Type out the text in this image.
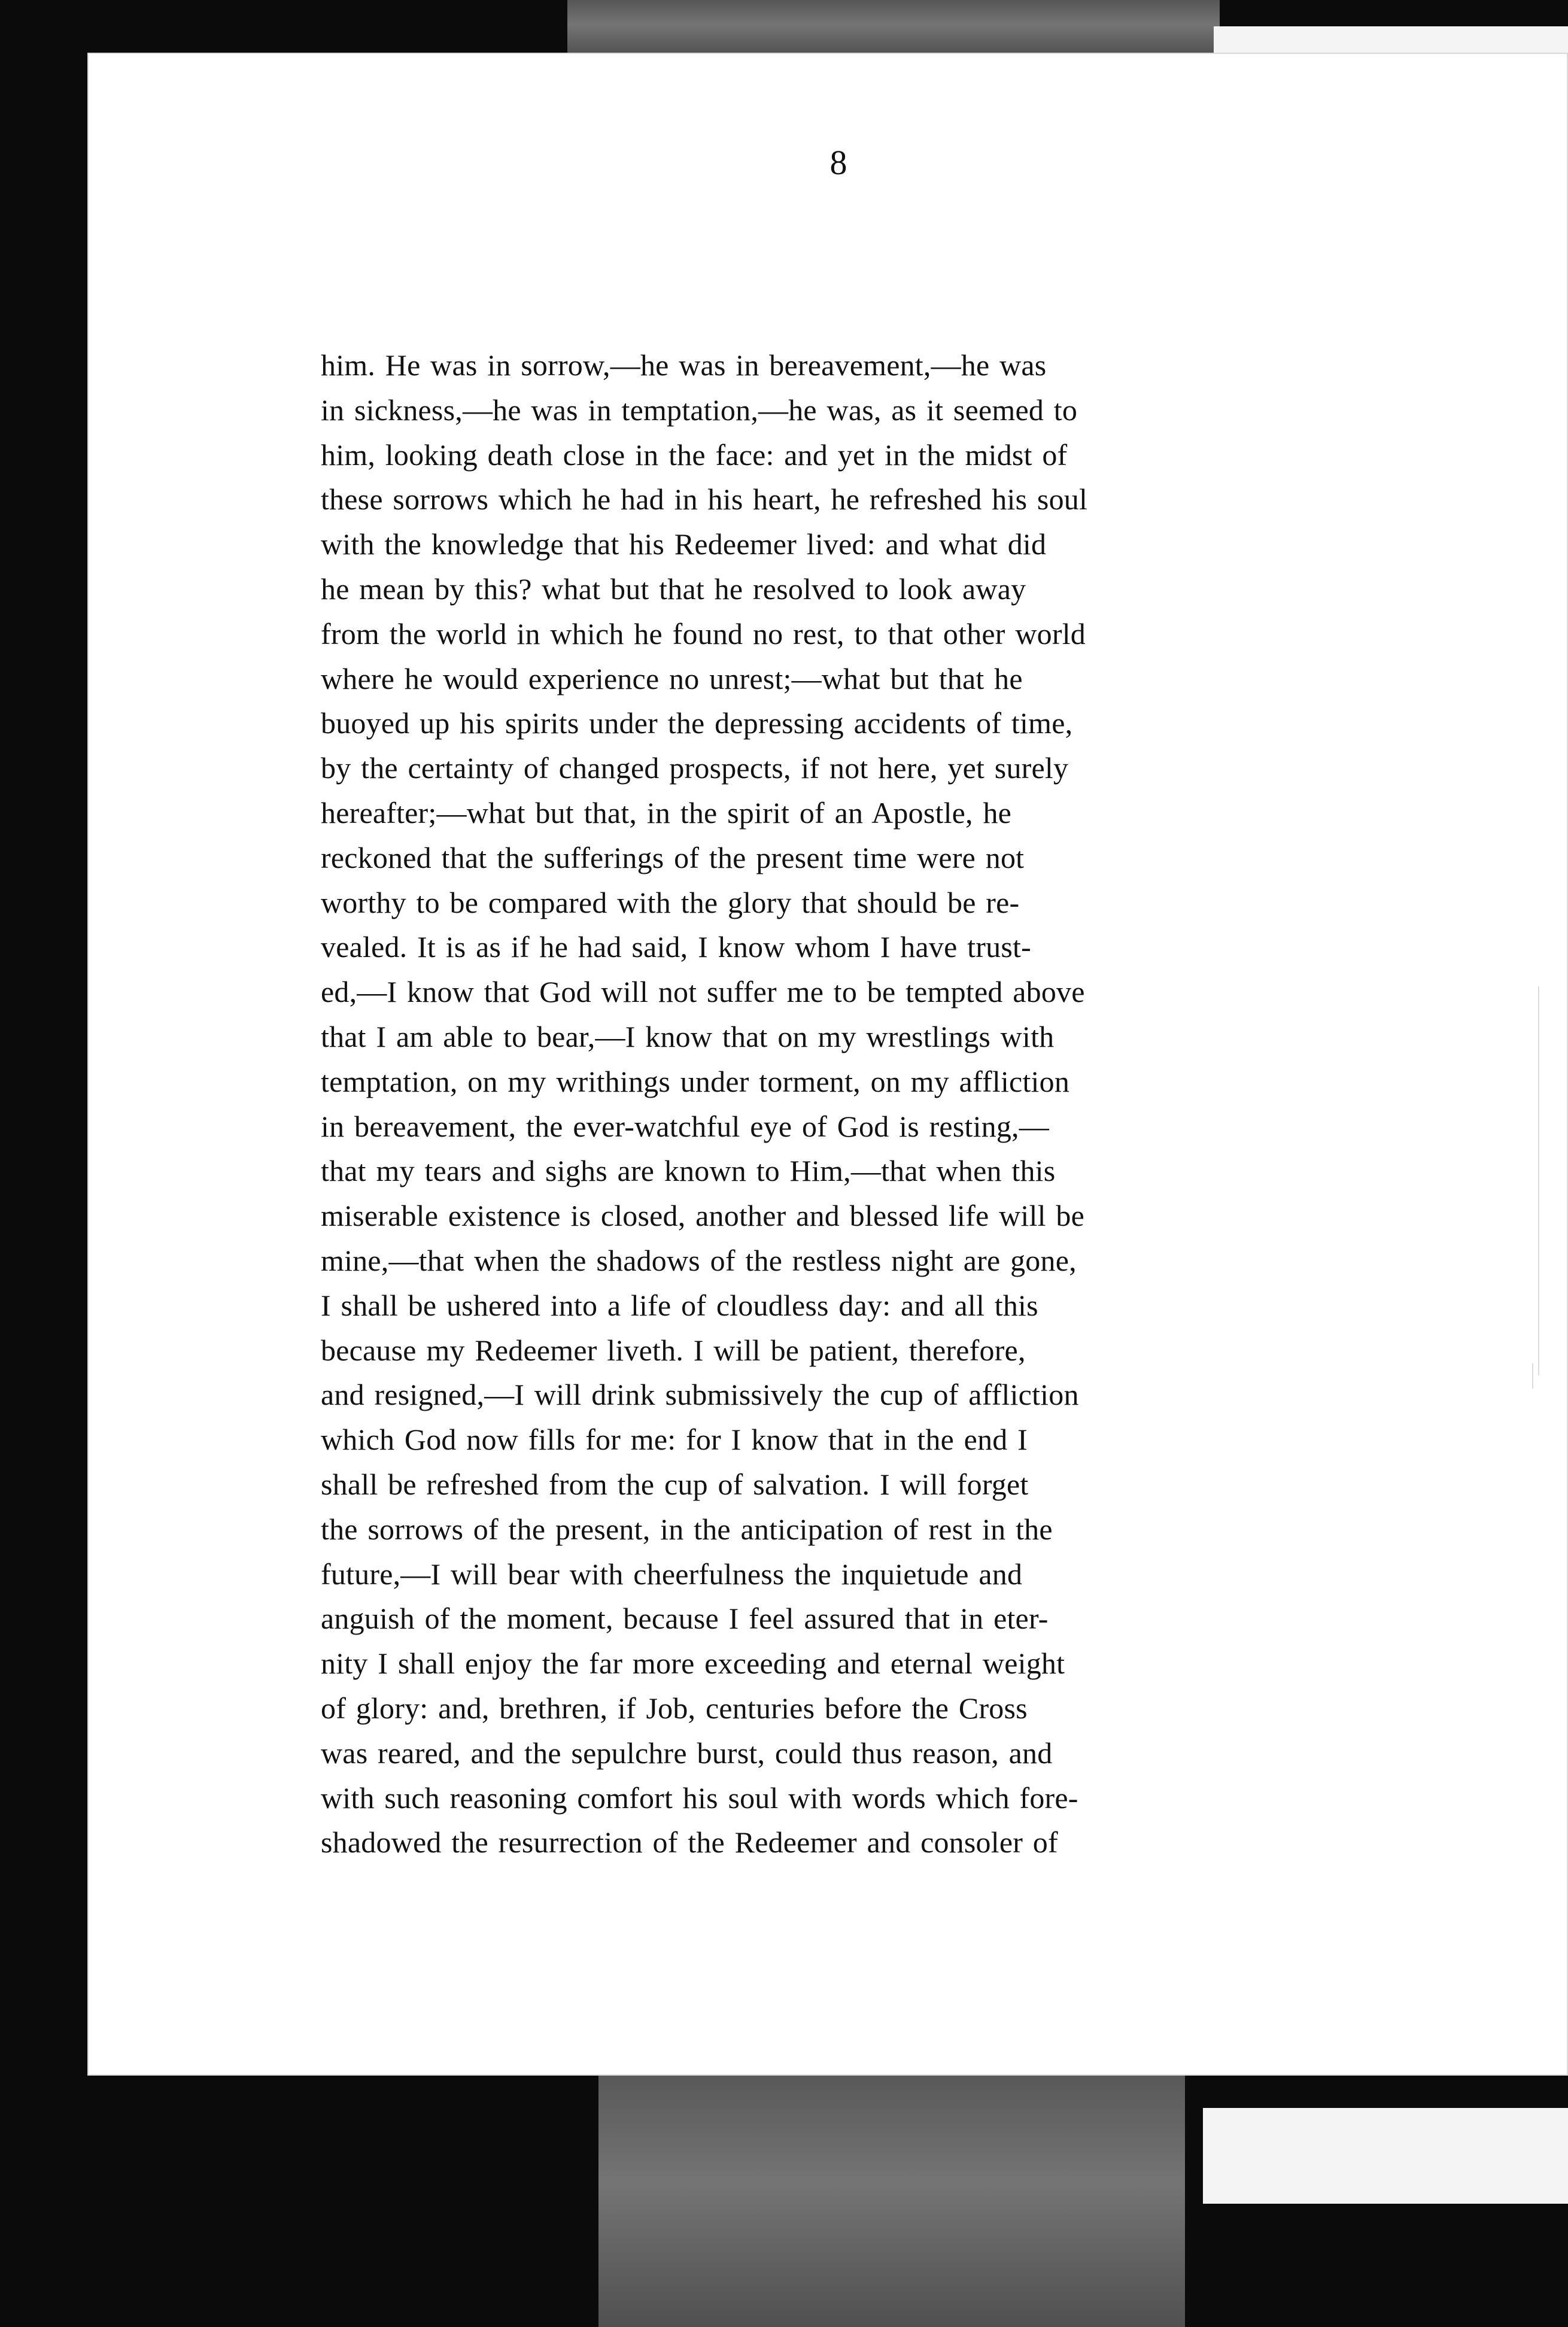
8
him. He was in sorrow,—he was in bereavement,—he was
in sickness,—he was in temptation,—he was, as it seemed to
him, looking death close in the face: and yet in the midst of
these sorrows which he had in his heart, he refreshed his soul
with the knowledge that his Redeemer lived: and what did
he mean by this? what but that he resolved to look away
from the world in which he found no rest, to that other world
where he would experience no unrest;—what but that he
buoyed up his spirits under the depressing accidents of time,
by the certainty of changed prospects, if not here, yet surely
hereafter;—what but that, in the spirit of an Apostle, he
reckoned that the sufferings of the present time were not
worthy to be compared with the glory that should be re-
vealed. It is as if he had said, I know whom I have trust-
ed,—I know that God will not suffer me to be tempted above
that I am able to bear,—I know that on my wrestlings with
temptation, on my writhings under torment, on my affliction
in bereavement, the ever-watchful eye of God is resting,—
that my tears and sighs are known to Him,—that when this
miserable existence is closed, another and blessed life will be
mine,—that when the shadows of the restless night are gone,
I shall be ushered into a life of cloudless day: and all this
because my Redeemer liveth. I will be patient, therefore,
and resigned,—I will drink submissively the cup of affliction
which God now fills for me: for I know that in the end I
shall be refreshed from the cup of salvation. I will forget
the sorrows of the present, in the anticipation of rest in the
future,—I will bear with cheerfulness the inquietude and
anguish of the moment, because I feel assured that in eter-
nity I shall enjoy the far more exceeding and eternal weight
of glory: and, brethren, if Job, centuries before the Cross
was reared, and the sepulchre burst, could thus reason, and
with such reasoning comfort his soul with words which fore-
shadowed the resurrection of the Redeemer and consoler of
